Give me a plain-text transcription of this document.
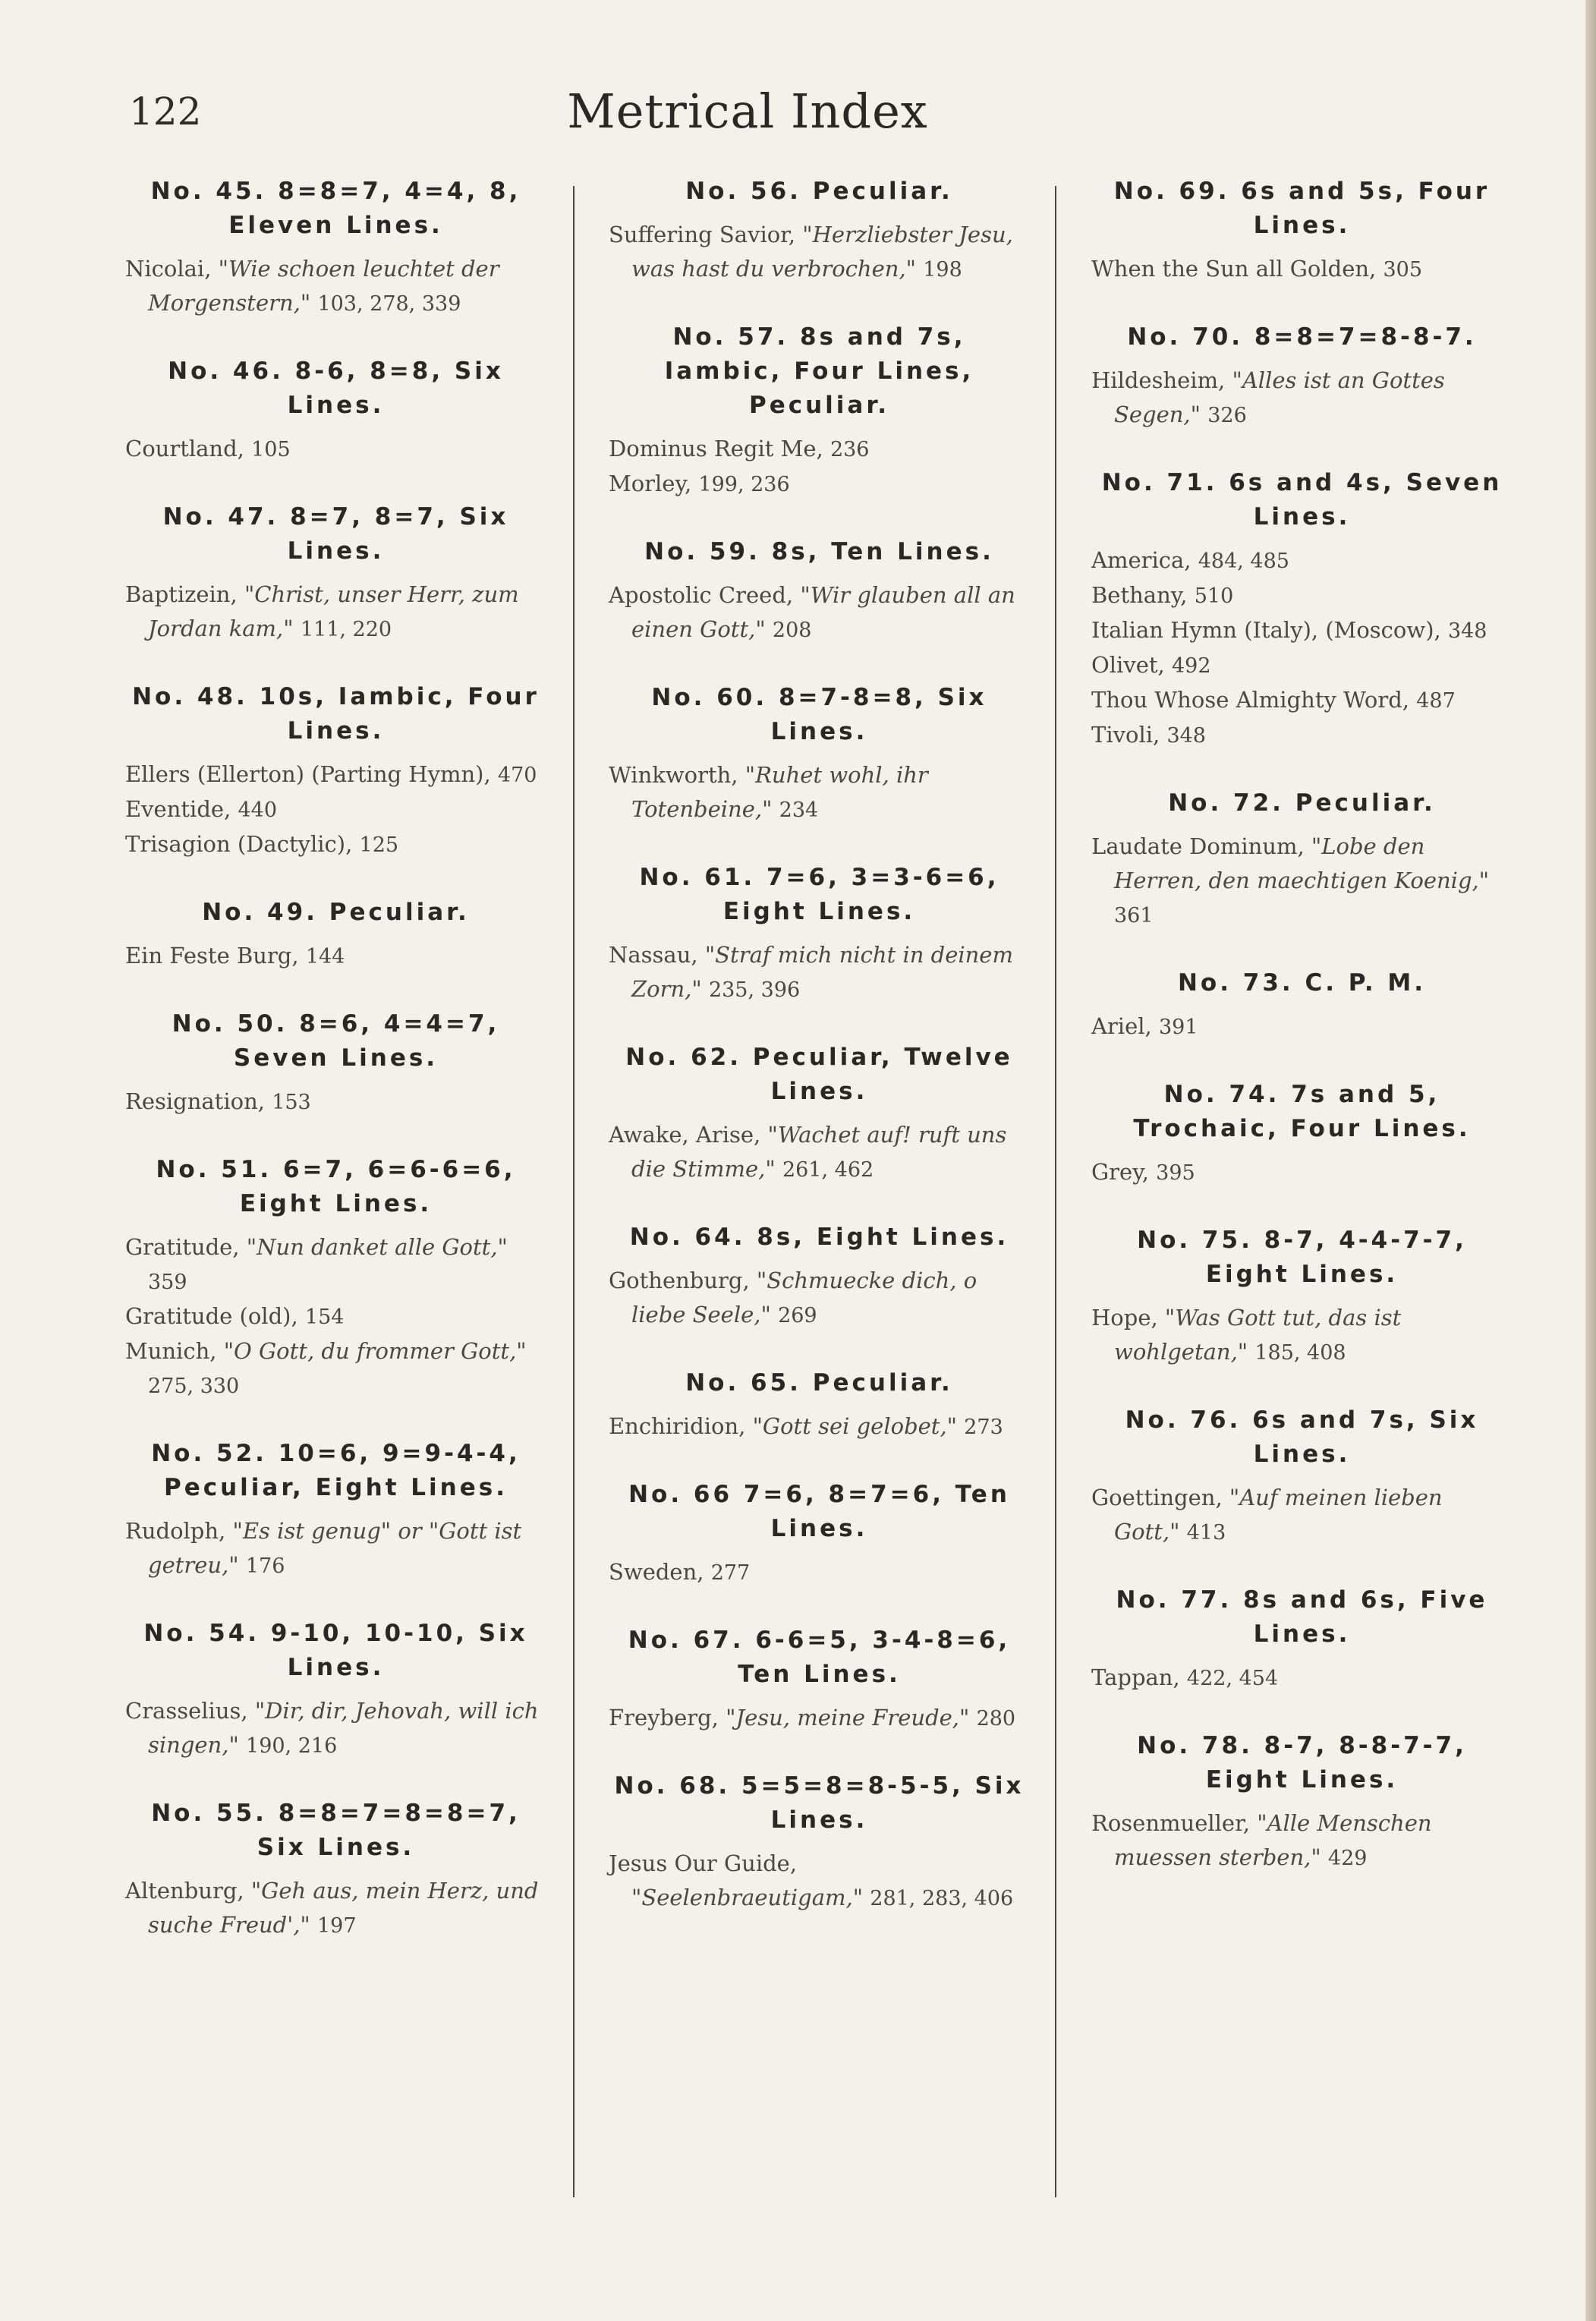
122	Metrical Index
No. 45. 8=8=7, 4=4, 8, Eleven Lines.
Nicolai, "Wie schoen leuchtet der Morgenstern," 103, 278, 339
No. 46. 8-6, 8=8, Six Lines.
Courtland, 105
No. 47. 8=7, 8=7, Six Lines.
Baptizein, "Christ, unser Herr, zum Jordan kam," 111, 220
No. 48. 10s, Iambic, Four Lines.
Ellers (Ellerton) (Parting Hymn), 470
Eventide, 440
Trisagion (Dactylic), 125
No. 49. Peculiar.
Ein Feste Burg, 144
No. 50. 8=6, 4=4=7, Seven Lines.
Resignation, 153
No. 51. 6=7, 6=6-6=6, Eight Lines.
Gratitude, "Nun danket alle Gott," 359
Gratitude (old), 154
Munich, "O Gott, du frommer Gott," 275, 330
No. 52. 10=6, 9=9-4-4, Peculiar, Eight Lines.
Rudolph, "Es ist genug" or "Gott ist getreu," 176
No. 54. 9-10, 10-10, Six Lines.
Crasselius, "Dir, dir, Jehovah, will ich singen," 190, 216
No. 55. 8=8=7=8=8=7, Six Lines.
Altenburg, "Geh aus, mein Herz, und suche Freud'," 197
No. 56. Peculiar.
Suffering Savior, "Herzliebster Jesu, was hast du verbrochen," 198
No. 57. 8s and 7s, Iambic, Four Lines, Peculiar.
Dominus Regit Me, 236
Morley, 199, 236
No. 59. 8s, Ten Lines.
Apostolic Creed, "Wir glauben all an einen Gott," 208
No. 60. 8=7-8=8, Six Lines.
Winkworth, "Ruhet wohl, ihr Totenbeine," 234
No. 61. 7=6, 3=3-6=6, Eight Lines.
Nassau, "Straf mich nicht in deinem Zorn," 235, 396
No. 62. Peculiar, Twelve Lines.
Awake, Arise, "Wachet auf! ruft uns die Stimme," 261, 462
No. 64. 8s, Eight Lines.
Gothenburg, "Schmuecke dich, o liebe Seele," 269
No. 65. Peculiar.
Enchiridion, "Gott sei gelobet," 273
No. 66 7=6, 8=7=6, Ten Lines.
Sweden, 277
No. 67. 6-6=5, 3-4-8=6, Ten Lines.
Freyberg, "Jesu, meine Freude," 280
No. 68. 5=5=8=8-5-5, Six Lines.
Jesus Our Guide, "Seelenbraeutigam," 281, 283, 406
No. 69. 6s and 5s, Four Lines.
When the Sun all Golden, 305
No. 70. 8=8=7=8-8-7.
Hildesheim, "Alles ist an Gottes Segen," 326
No. 71. 6s and 4s, Seven Lines.
America, 484, 485
Bethany, 510
Italian Hymn (Italy), (Moscow), 348
Olivet, 492
Thou Whose Almighty Word, 487
Tivoli, 348
No. 72. Peculiar.
Laudate Dominum, "Lobe den Herren, den maechtigen Koenig," 361
No. 73. C. P. M.
Ariel, 391
No. 74. 7s and 5, Trochaic, Four Lines.
Grey, 395
No. 75. 8-7, 4-4-7-7, Eight Lines.
Hope, "Was Gott tut, das ist wohlgetan," 185, 408
No. 76. 6s and 7s, Six Lines.
Goettingen, "Auf meinen lieben Gott," 413
No. 77. 8s and 6s, Five Lines.
Tappan, 422, 454
No. 78. 8-7, 8-8-7-7, Eight Lines.
Rosenmueller, "Alle Menschen muessen sterben," 429
